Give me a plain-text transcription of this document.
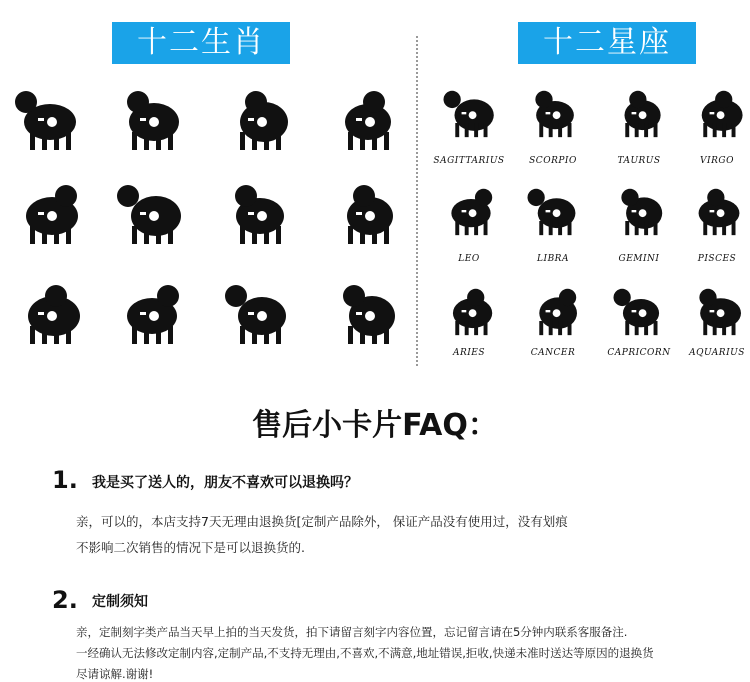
十二生肖	十二星座
SAGITTARIUS	SCORPIO	TAURUS	VIRGO
LEO	LIBRA	GEMINI	PISCES
ARIES	CANCER	CAPRICORN	AQUARIUS
售后小卡片FAQ：
1. 我是买了送人的，朋友不喜欢可以退换吗？
亲，可以的，本店支持7天无理由退换货[定制产品除外， 保证产品没有使用过，没有划痕
不影响二次销售的情况下是可以退换货的.
2. 定制须知
亲，定制刻字类产品当天早上拍的当天发货，拍下请留言刻字内容位置，忘记留言请在5分钟内联系客服备注.
一经确认无法修改定制内容,定制产品,不支持无理由,不喜欢,不满意,地址错误,拒收,快递未准时送达等原因的退换货
尽请谅解.谢谢!
